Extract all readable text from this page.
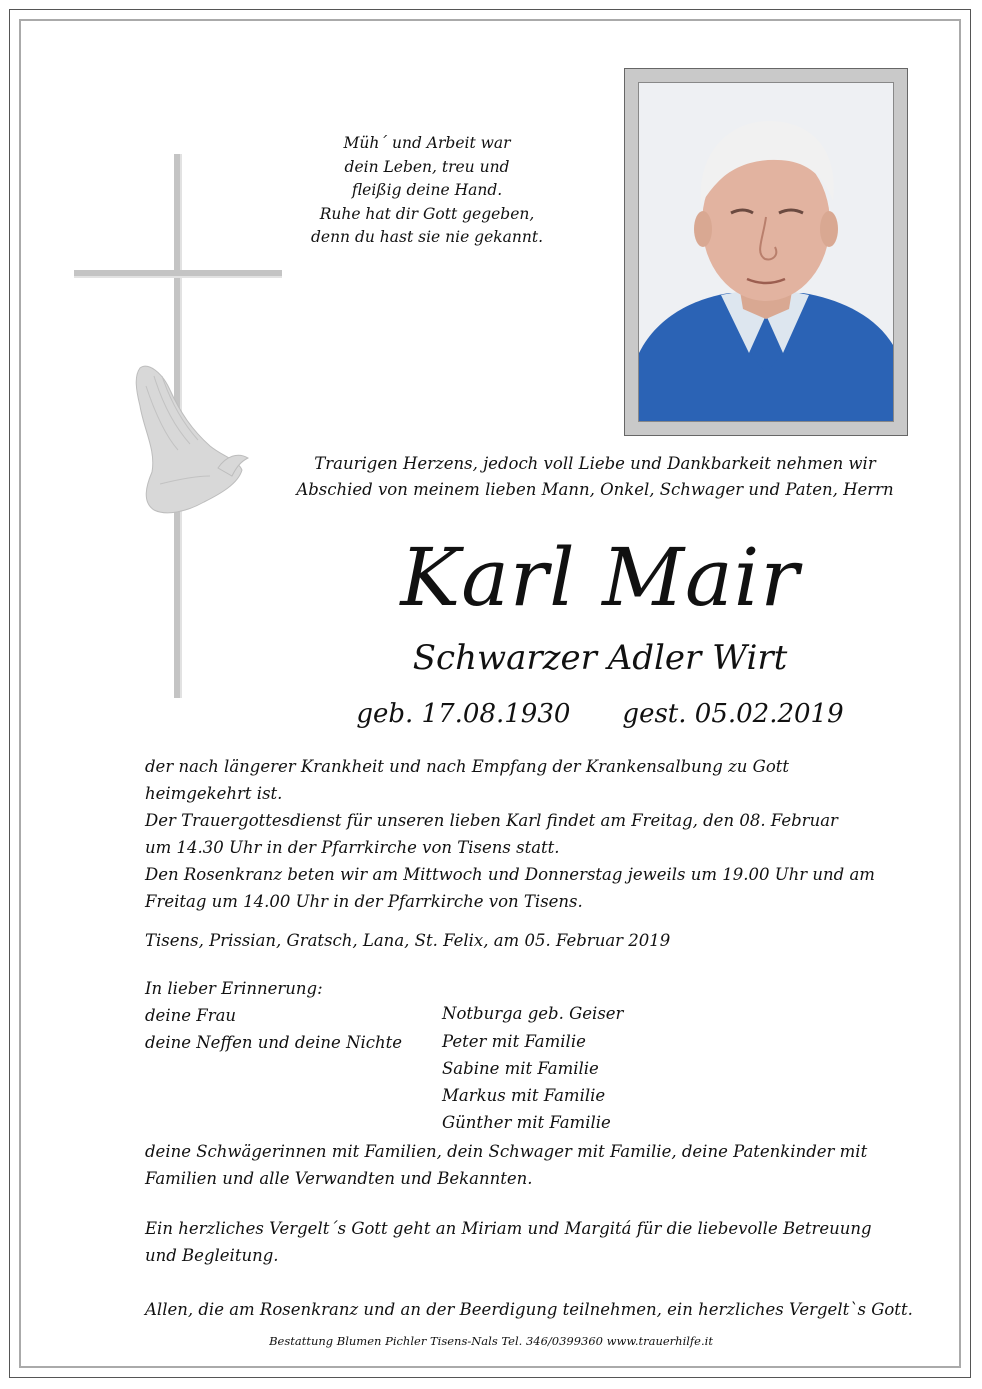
Müh´ und Arbeit war
dein Leben, treu und
fleißig deine Hand.
Ruhe hat dir Gott gegeben,
denn du hast sie nie gekannt.
Traurigen Herzens, jedoch voll Liebe und Dankbarkeit nehmen wir
Abschied von meinem lieben Mann, Onkel, Schwager und Paten, Herrn
Karl Mair
Schwarzer Adler Wirt
geb. 17.08.1930 gest. 05.02.2019
der nach längerer Krankheit und nach Empfang der Krankensalbung zu Gott
heimgekehrt ist.
Der Trauergottesdienst für unseren lieben Karl findet am Freitag, den 08. Februar
um 14.30 Uhr in der Pfarrkirche von Tisens statt.
Den Rosenkranz beten wir am Mittwoch und Donnerstag jeweils um 19.00 Uhr und am
Freitag um 14.00 Uhr in der Pfarrkirche von Tisens.
Tisens, Prissian, Gratsch, Lana, St. Felix, am 05. Februar 2019
In lieber Erinnerung:
deine Frau
deine Neffen und deine Nichte
Notburga geb. Geiser
Peter mit Familie
Sabine mit Familie
Markus mit Familie
Günther mit Familie
deine Schwägerinnen mit Familien, dein Schwager mit Familie, deine Patenkinder mit
Familien und alle Verwandten und Bekannten.
Ein herzliches Vergelt´s Gott geht an Miriam und Margitá für die liebevolle Betreuung
und Begleitung.
Allen, die am Rosenkranz und an der Beerdigung teilnehmen, ein herzliches Vergelt`s Gott.
Bestattung Blumen Pichler Tisens-Nals Tel. 346/0399360 www.trauerhilfe.it
